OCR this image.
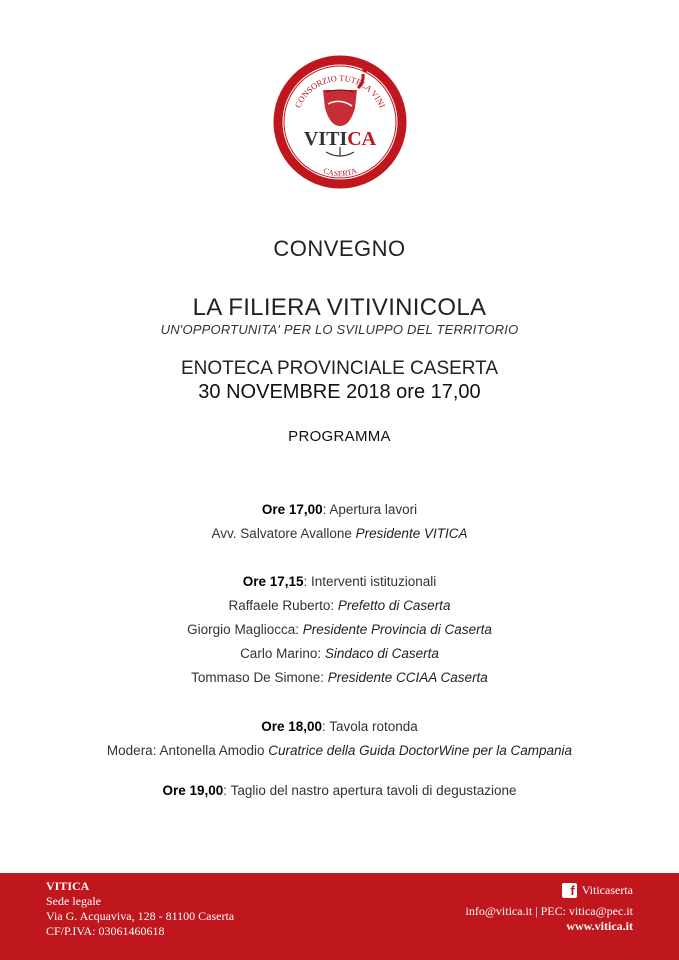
CONSORZIO TUTELA VINI
VITICA
CASERTA
CONVEGNO
LA FILIERA VITIVINICOLA
UN'OPPORTUNITA' PER LO SVILUPPO DEL TERRITORIO
ENOTECA PROVINCIALE CASERTA
30 NOVEMBRE 2018 ore 17,00
PROGRAMMA
Ore 17,00: Apertura lavori
Avv. Salvatore Avallone Presidente VITICA
Ore 17,15: Interventi istituzionali
Raffaele Ruberto: Prefetto di Caserta
Giorgio Magliocca: Presidente Provincia di Caserta
Carlo Marino: Sindaco di Caserta
Tommaso De Simone: Presidente CCIAA Caserta
Ore 18,00: Tavola rotonda
Modera: Antonella Amodio Curatrice della Guida DoctorWine per la Campania
Ore 19,00: Taglio del nastro apertura tavoli di degustazione
VITICA
Sede legale
Via G. Acquaviva, 128 - 81100 Caserta
CF/P.IVA: 03061460618
f Viticaserta
info@vitica.it | PEC: vitica@pec.it
www.vitica.it
